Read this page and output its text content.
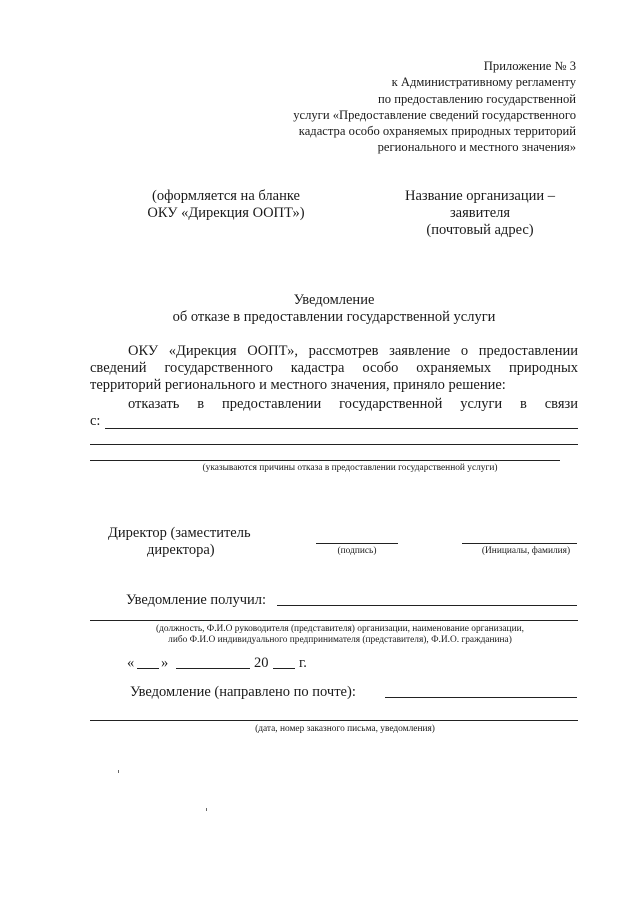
Приложение № 3
к Административному регламенту
по предоставлению государственной
услуги «Предоставление сведений государственного
кадастра особо охраняемых природных территорий
регионального и местного значения»
(оформляется на бланке
ОКУ «Дирекция ООПТ»)
Название организации –
заявителя
(почтовый адрес)
Уведомление
об отказе в предоставлении государственной услуги
ОКУ «Дирекция ООПТ», рассмотрев заявление о предоставлении сведений государственного кадастра особо охраняемых природных территорий регионального и местного значения, приняло решение:
отказать в предоставлении государственной услуги в связи
с:
(указываются причины отказа в предоставлении государственной услуги)
Директор (заместитель
директора)	(подпись)	(Инициалы, фамилия)
Уведомление получил:
(должность, Ф.И.О руководителя (представителя) организации, наименование организации,
либо Ф.И.О индивидуального предпринимателя (представителя), Ф.И.О. гражданина)
« »	20 г.
Уведомление (направлено по почте):
(дата, номер заказного письма, уведомления)
